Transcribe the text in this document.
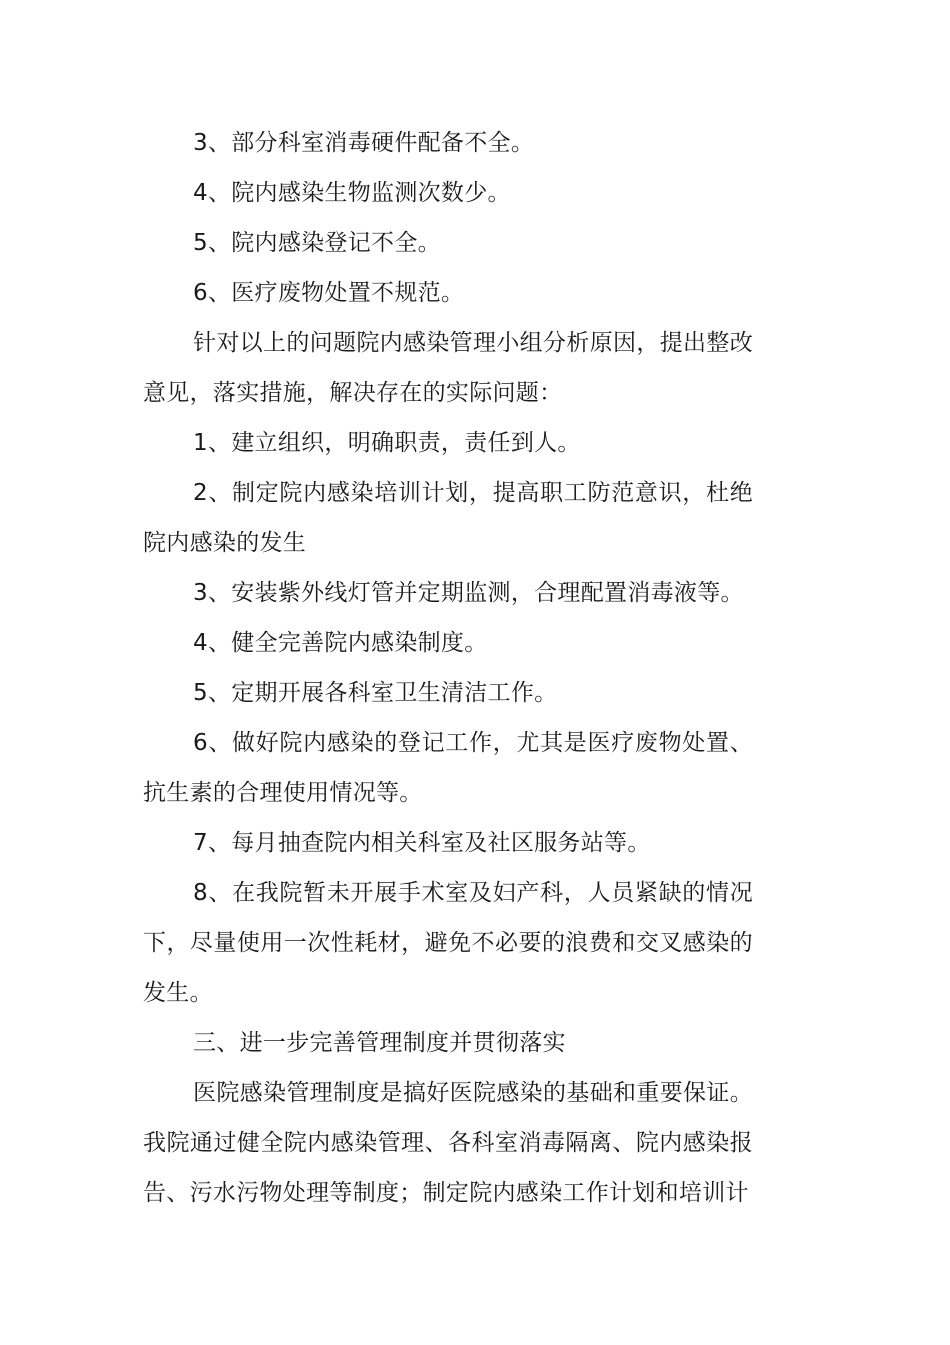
3、部分科室消毒硬件配备不全。

4、院内感染生物监测次数少。

5、院内感染登记不全。

6、医疗废物处置不规范。

针对以上的问题院内感染管理小组分析原因，提出整改意见，落实措施，解决存在的实际问题：

1、建立组织，明确职责，责任到人。

2、制定院内感染培训计划，提高职工防范意识，杜绝院内感染的发生

3、安装紫外线灯管并定期监测，合理配置消毒液等。

4、健全完善院内感染制度。

5、定期开展各科室卫生清洁工作。

6、做好院内感染的登记工作，尤其是医疗废物处置、抗生素的合理使用情况等。

7、每月抽查院内相关科室及社区服务站等。

8、在我院暂未开展手术室及妇产科，人员紧缺的情况下，尽量使用一次性耗材，避免不必要的浪费和交叉感染的发生。

三、进一步完善管理制度并贯彻落实

医院感染管理制度是搞好医院感染的基础和重要保证。我院通过健全院内感染管理、各科室消毒隔离、院内感染报告、污水污物处理等制度；制定院内感染工作计划和培训计
